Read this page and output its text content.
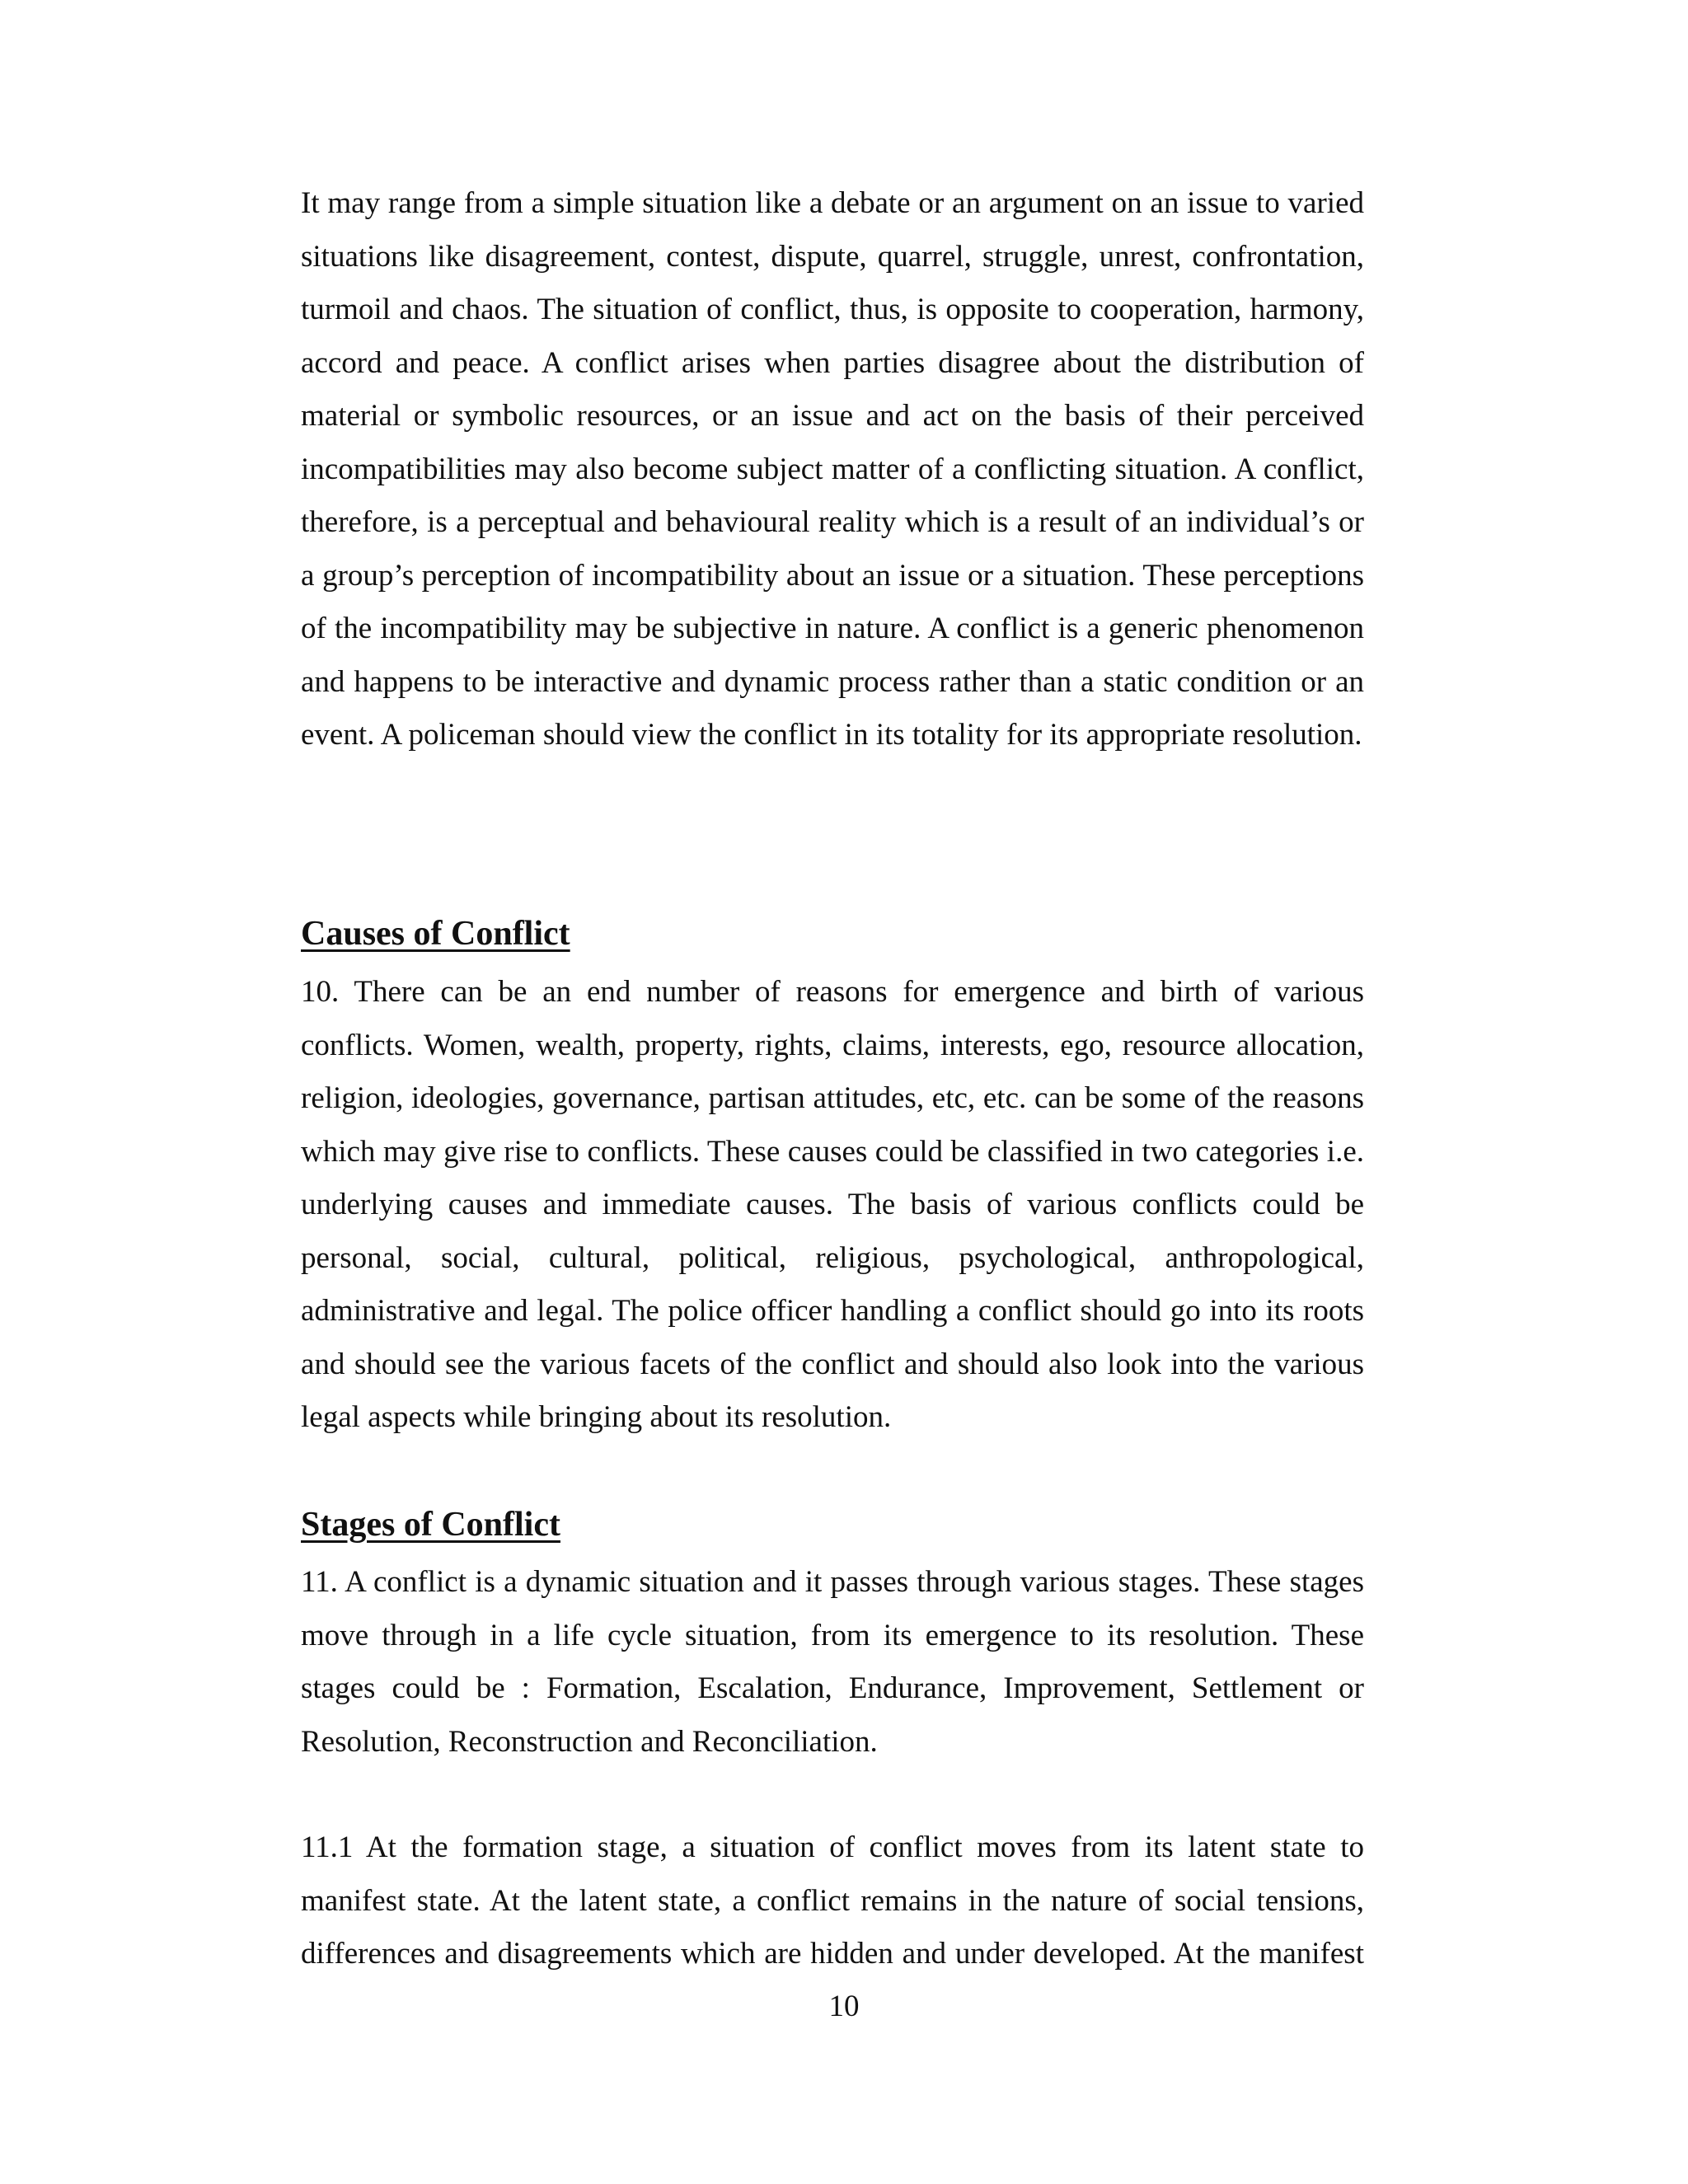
It may range from a simple situation like a debate or an argument on an issue to varied situations like disagreement, contest, dispute, quarrel, struggle, unrest, confrontation, turmoil and chaos. The situation of conflict, thus, is opposite to cooperation, harmony, accord and peace. A conflict arises when parties disagree about the distribution of material or symbolic resources, or an issue and act on the basis of their perceived incompatibilities may also become subject matter of a conflicting situation. A conflict, therefore, is a perceptual and behavioural reality which is a result of an individual’s or a group’s perception of incompatibility about an issue or a situation. These perceptions of the incompatibility may be subjective in nature. A conflict is a generic phenomenon and happens to be interactive and dynamic process rather than a static condition or an event. A policeman should view the conflict in its totality for its appropriate resolution.

Causes of Conflict

10. There can be an end number of reasons for emergence and birth of various conflicts. Women, wealth, property, rights, claims, interests, ego, resource allocation, religion, ideologies, governance, partisan attitudes, etc, etc. can be some of the reasons which may give rise to conflicts. These causes could be classified in two categories i.e. underlying causes and immediate causes. The basis of various conflicts could be personal, social, cultural, political, religious, psychological, anthropological, administrative and legal. The police officer handling a conflict should go into its roots and should see the various facets of the conflict and should also look into the various legal aspects while bringing about its resolution.

Stages of Conflict

11. A conflict is a dynamic situation and it passes through various stages. These stages move through in a life cycle situation, from its emergence to its resolution. These stages could be : Formation, Escalation, Endurance, Improvement, Settlement or Resolution, Reconstruction and Reconciliation.

11.1 At the formation stage, a situation of conflict moves from its latent state to manifest state. At the latent state, a conflict remains in the nature of social tensions, differences and disagreements which are hidden and under developed. At the manifest

10
